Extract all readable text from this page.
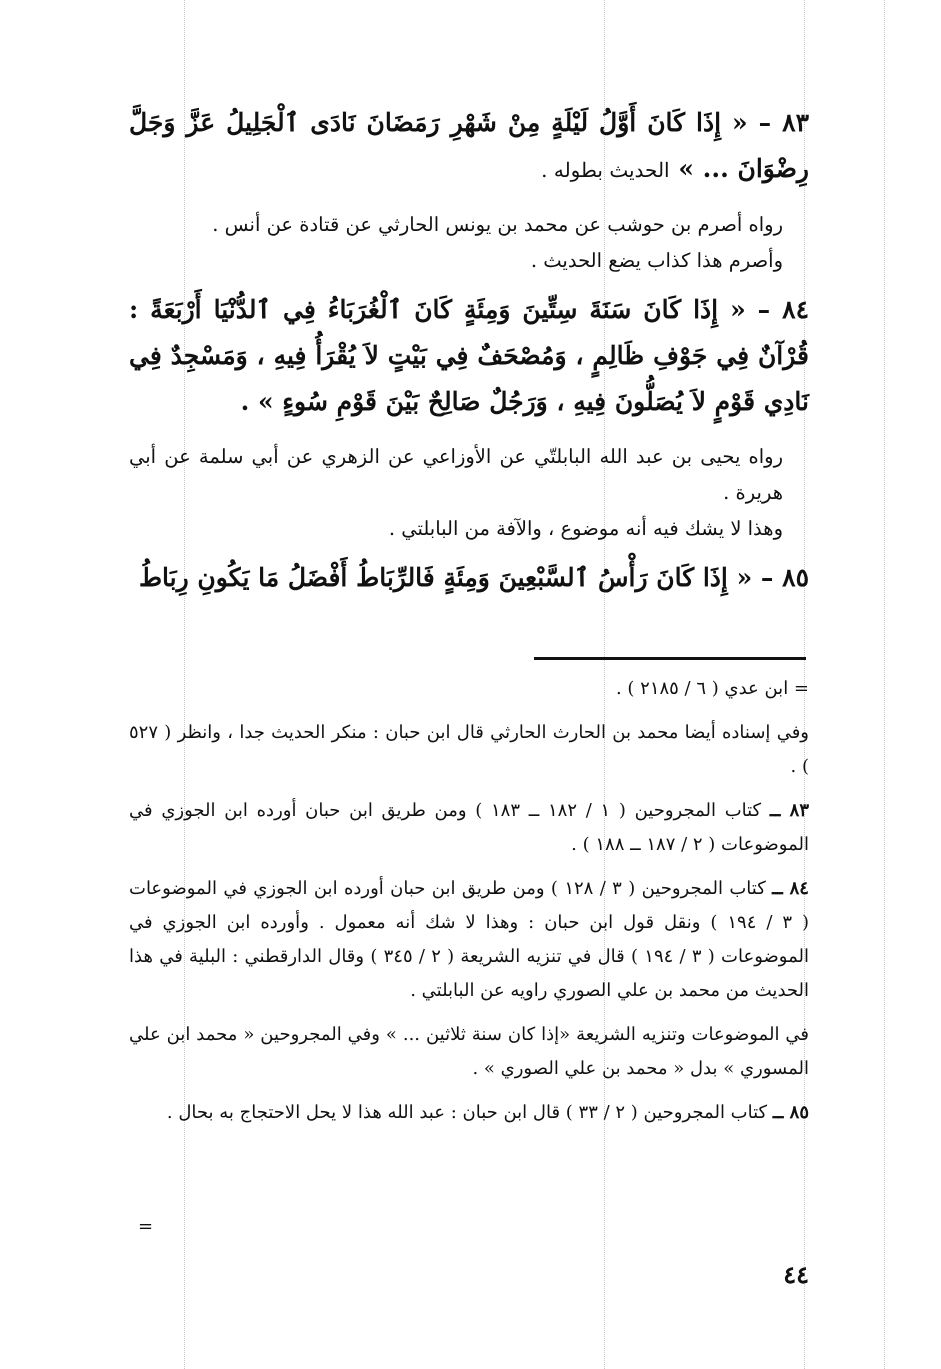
٨٣ – « إِذَا كَانَ أَوَّلُ لَيْلَةٍ مِنْ شَهْرِ رَمَضَانَ نَادَى ٱلْجَلِيلُ عَزَّ وَجَلَّ رِضْوَانَ ... » الحديث بطوله .

رواه أصرم بن حوشب عن محمد بن يونس الحارثي عن قتادة عن أنس .
وأصرم هذا كذاب يضع الحديث .

٨٤ – « إِذَا كَانَ سَنَةَ سِتِّينَ وَمِئَةٍ كَانَ ٱلْغُرَبَاءُ فِي ٱلدُّنْيَا أَرْبَعَةً : قُرْآنٌ فِي جَوْفِ ظَالِمٍ ، وَمُصْحَفٌ فِي بَيْتٍ لاَ يُقْرَأُ فِيهِ ، وَمَسْجِدٌ فِي نَادِي قَوْمٍ لاَ يُصَلُّونَ فِيهِ ، وَرَجُلٌ صَالِحٌ بَيْنَ قَوْمِ سُوءٍ » .

رواه يحيى بن عبد الله البابلتّي عن الأوزاعي عن الزهري عن أبي سلمة عن أبي هريرة .
وهذا لا يشك فيه أنه موضوع ، والآفة من البابلتي .

٨٥ – « إِذَا كَانَ رَأْسُ ٱلسَّبْعِينَ وَمِئَةٍ فَالرِّبَاطُ أَفْضَلُ مَا يَكُونِ رِبَاطُ

= ابن عدي ( ٦ / ٢١٨٥ ) .

وفي إسناده أيضا محمد بن الحارث الحارثي قال ابن حبان : منكر الحديث جدا ، وانظر ( ٥٢٧ ) .

٨٣ ــ كتاب المجروحين ( ١ / ١٨٢ ــ ١٨٣ ) ومن طريق ابن حبان أورده ابن الجوزي في الموضوعات ( ٢ / ١٨٧ ــ ١٨٨ ) .

٨٤ ــ كتاب المجروحين ( ٣ / ١٢٨ ) ومن طريق ابن حبان أورده ابن الجوزي في الموضوعات ( ٣ / ١٩٤ ) ونقل قول ابن حبان : وهذا لا شك أنه معمول . وأورده ابن الجوزي في الموضوعات ( ٣ / ١٩٤ ) قال في تنزيه الشريعة ( ٢ / ٣٤٥ ) وقال الدارقطني : البلية في هذا الحديث من محمد بن علي الصوري راويه عن البابلتي .

في الموضوعات وتنزيه الشريعة «إذا كان سنة ثلاثين ... » وفي المجروحين « محمد ابن علي المسوري » بدل « محمد بن علي الصوري » .

٨٥ ــ كتاب المجروحين ( ٢ / ٣٣ ) قال ابن حبان : عبد الله هذا لا يحل الاحتجاج به بحال .

=
٤٤
